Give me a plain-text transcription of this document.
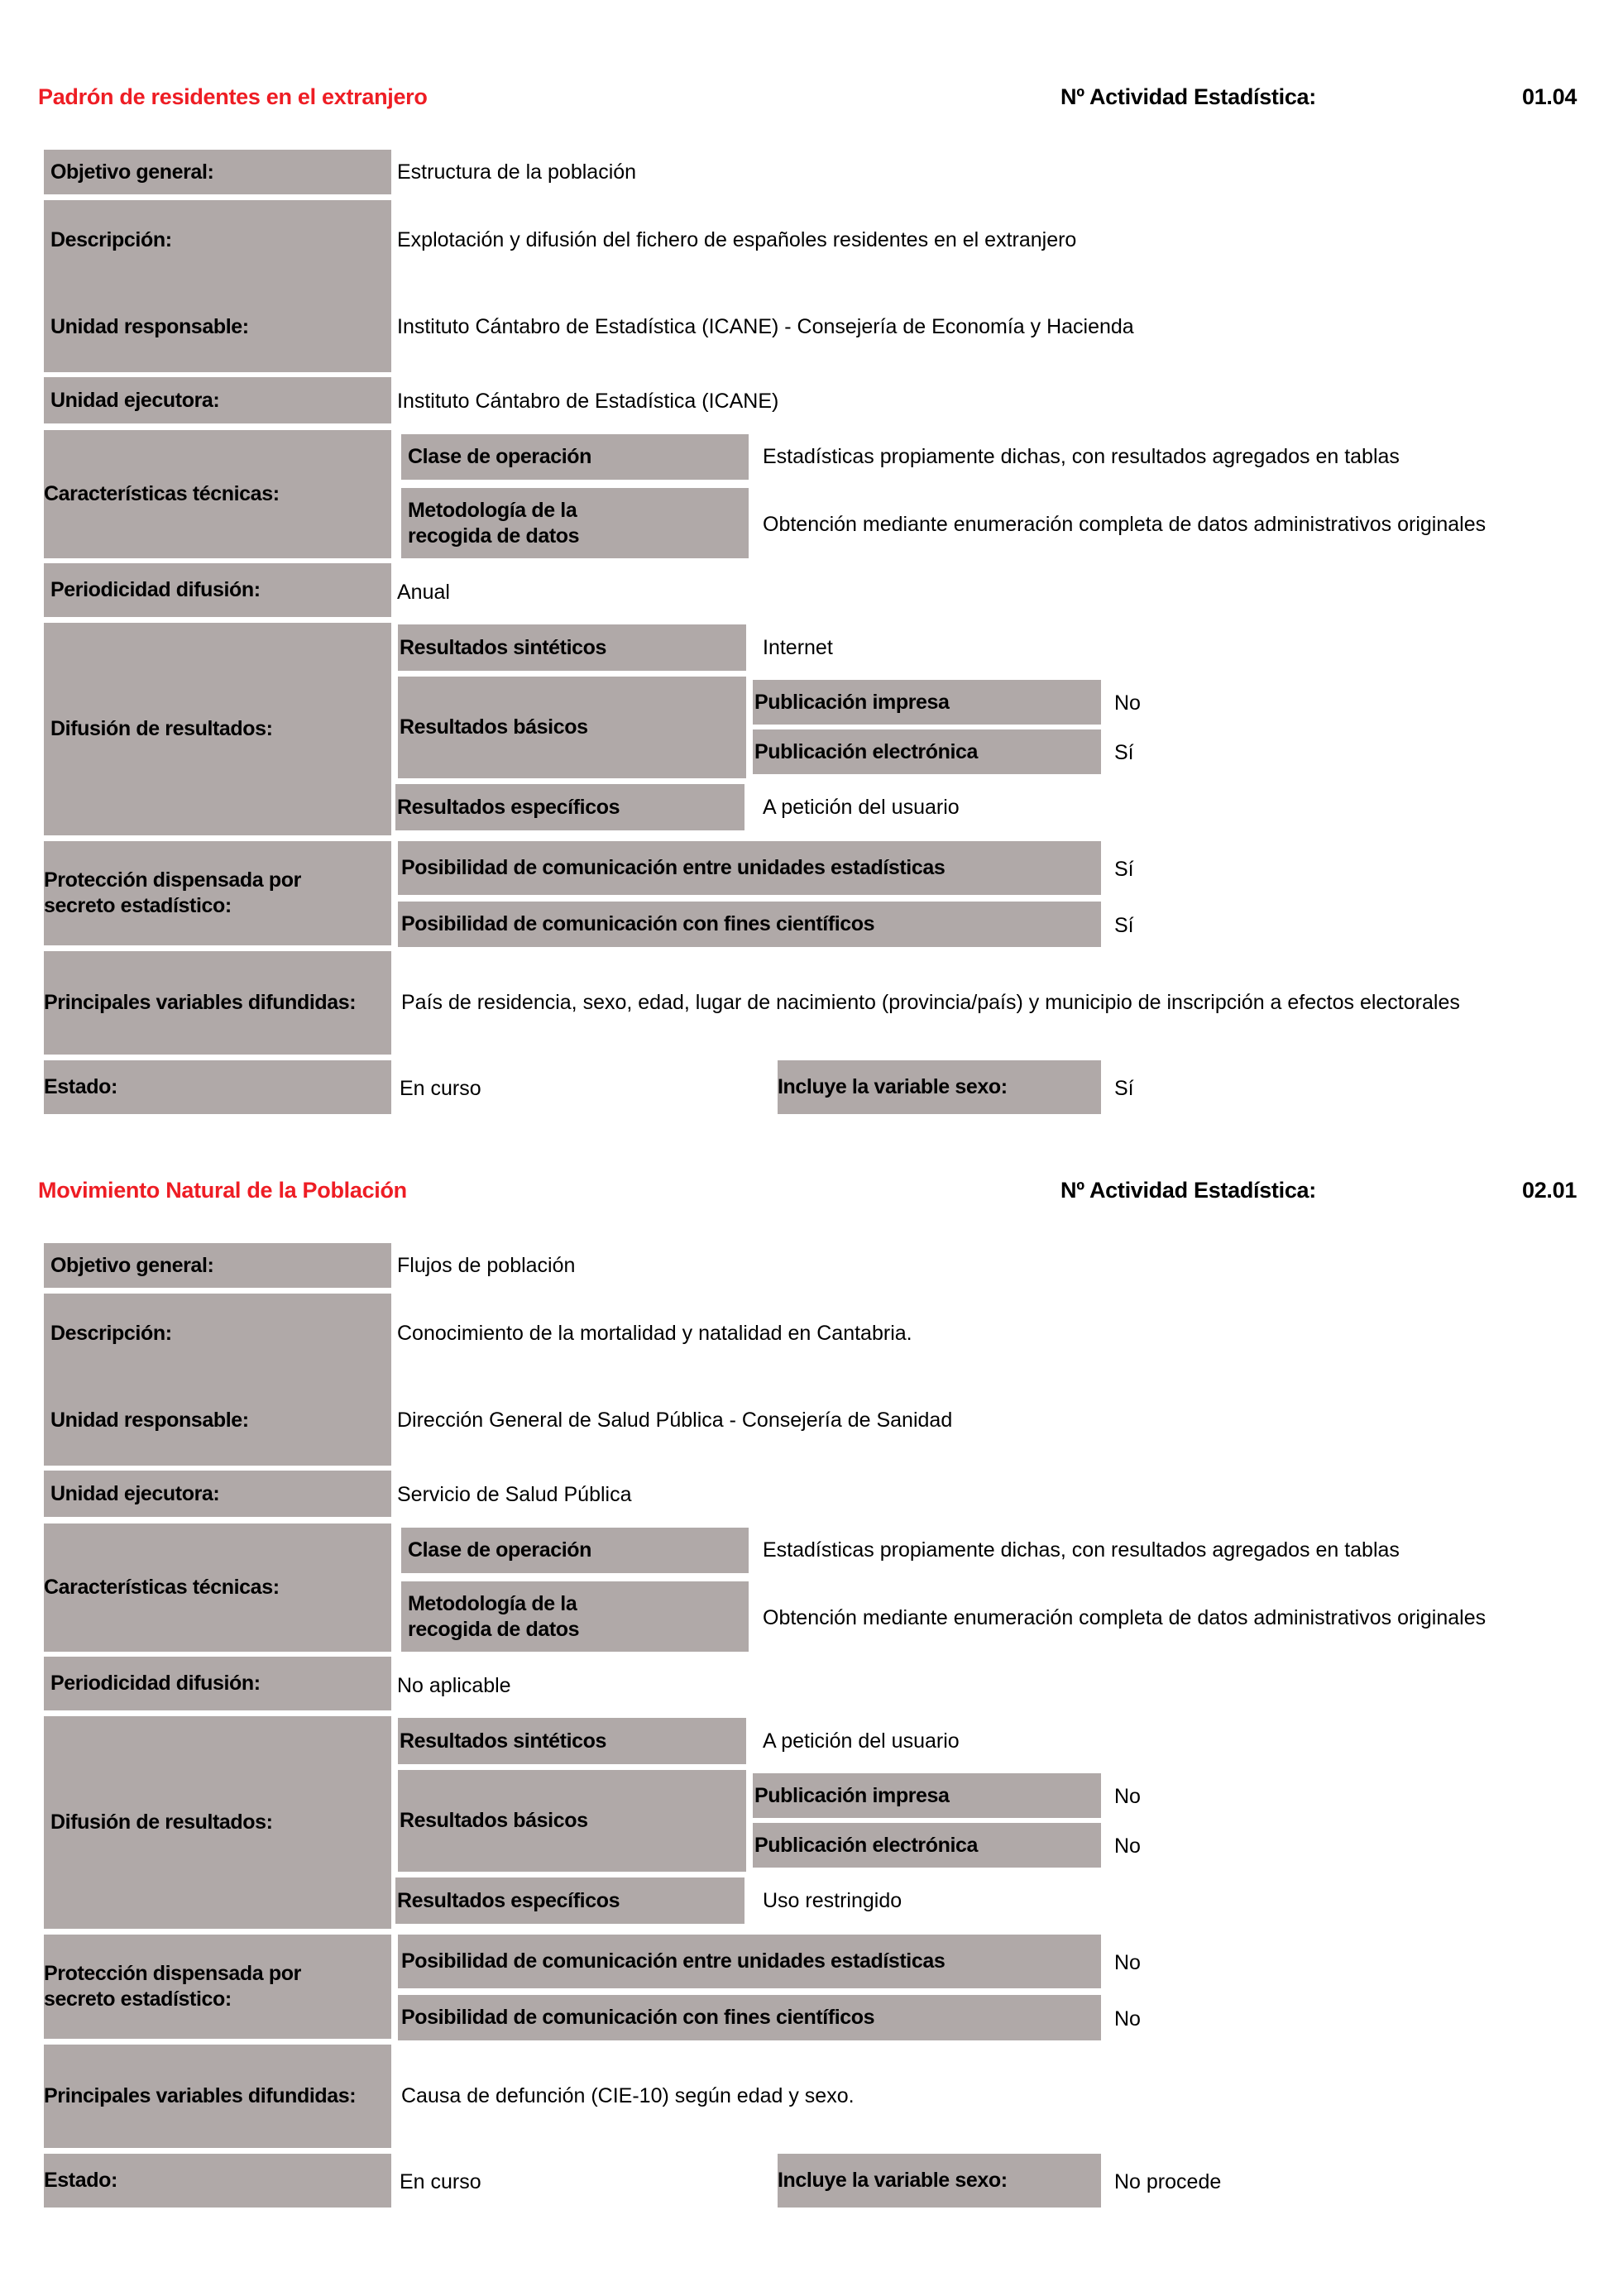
Padrón de residentes en el extranjero	Nº Actividad Estadística:	01.04
Objetivo general:	Estructura de la población
Descripción:	Explotación y difusión del fichero de españoles residentes en el extranjero
Unidad responsable:	Instituto Cántabro de Estadística (ICANE) - Consejería de Economía y Hacienda
Unidad ejecutora:	Instituto Cántabro de Estadística (ICANE)
Características técnicas:
Clase de operación	Estadísticas propiamente dichas, con resultados agregados en tablas
Metodología de la recogida de datos	Obtención mediante enumeración completa de datos administrativos originales
Periodicidad difusión:	Anual
Difusión de resultados:
Resultados sintéticos	Internet
Resultados básicos
Publicación impresa	No
Publicación electrónica	Sí
Resultados específicos	A petición del usuario
Protección dispensada por secreto estadístico:
Posibilidad de comunicación entre unidades estadísticas	Sí
Posibilidad de comunicación con fines científicos	Sí
Principales variables difundidas:	País de residencia, sexo, edad, lugar de nacimiento (provincia/país) y municipio de inscripción a efectos electorales
Estado:	En curso	Incluye la variable sexo:	Sí
Movimiento Natural de la Población	Nº Actividad Estadística:	02.01
Objetivo general:	Flujos de población
Descripción:	Conocimiento de la mortalidad y natalidad en Cantabria.
Unidad responsable:	Dirección General de Salud Pública - Consejería de Sanidad
Unidad ejecutora:	Servicio de Salud Pública
Características técnicas:
Clase de operación	Estadísticas propiamente dichas, con resultados agregados en tablas
Metodología de la recogida de datos	Obtención mediante enumeración completa de datos administrativos originales
Periodicidad difusión:	No aplicable
Difusión de resultados:
Resultados sintéticos	A petición del usuario
Resultados básicos
Publicación impresa	No
Publicación electrónica	No
Resultados específicos	Uso restringido
Protección dispensada por secreto estadístico:
Posibilidad de comunicación entre unidades estadísticas	No
Posibilidad de comunicación con fines científicos	No
Principales variables difundidas:	Causa de defunción (CIE-10) según edad y sexo.
Estado:	En curso	Incluye la variable sexo:	No procede
